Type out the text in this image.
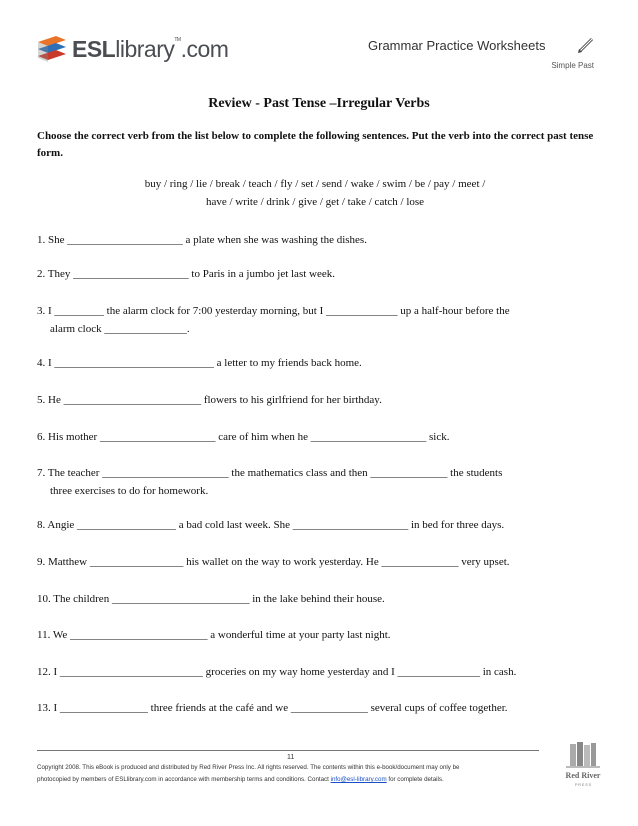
ESLlibrary™.com	Grammar Practice Worksheets
Simple Past
Review - Past Tense –Irregular Verbs
Choose the correct verb from the list below to complete the following sentences. Put the verb into the correct past tense form.
buy / ring / lie / break / teach / fly / set / send / wake / swim / be / pay / meet /
have / write / drink / give / get / take / catch / lose
1. She _____________________ a plate when she was washing the dishes.
2. They _____________________ to Paris in a jumbo jet last week.
3. I _________ the alarm clock for 7:00 yesterday morning, but I _____________ up a half-hour before the
alarm clock _______________.
4. I _____________________________ a letter to my friends back home.
5. He _________________________ flowers to his girlfriend for her birthday.
6. His mother _____________________ care of him when he _____________________ sick.
7. The teacher _______________________ the mathematics class and then ______________ the students
three exercises to do for homework.
8. Angie __________________ a bad cold last week. She _____________________ in bed for three days.
9. Matthew _________________ his wallet on the way to work yesterday. He ______________ very upset.
10. The children _________________________ in the lake behind their house.
11. We _________________________ a wonderful time at your party last night.
12. I __________________________ groceries on my way home yesterday and I _______________ in cash.
13. I ________________ three friends at the café and we ______________ several cups of coffee together.
11
Copyright 2008. This eBook is produced and distributed by Red River Press Inc. All rights reserved. The contents within this e-book/document may only be
photocopied by members of ESLlibrary.com in accordance with membership terms and conditions. Contact info@esl-library.com for complete details.	Red River
P R E S S
